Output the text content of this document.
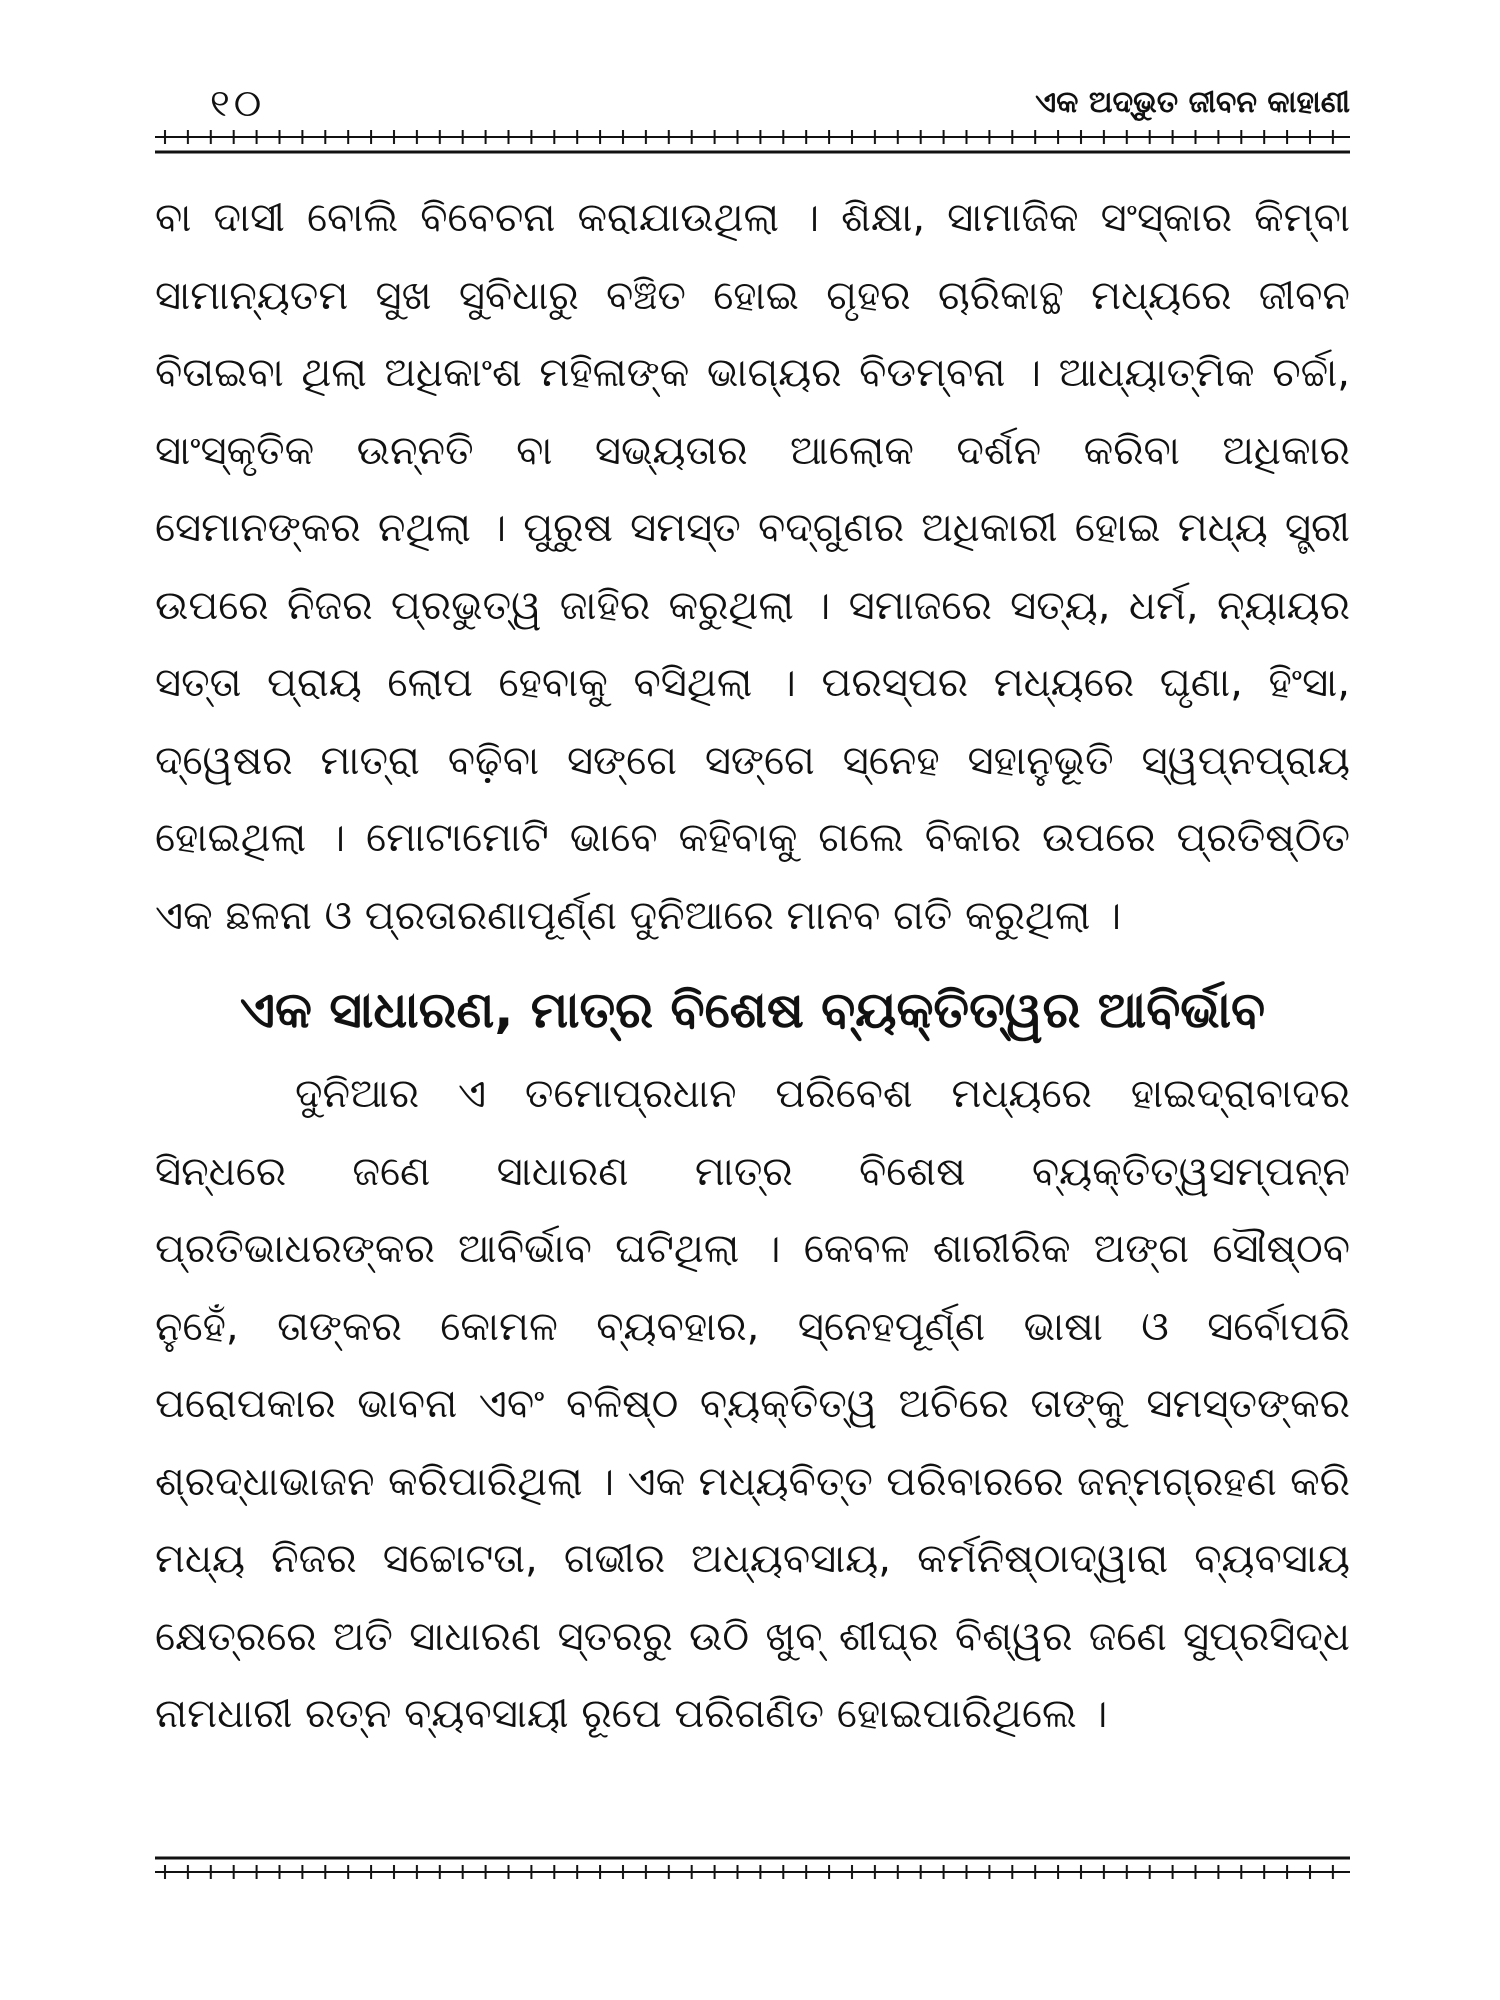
୧୦	ଏକ ଅଦ୍ଭୁତ ଜୀବନ କାହାଣୀ

ବା ଦାସୀ ବୋଲି ବିବେଚନା କରାଯାଉଥିଲା । ଶିକ୍ଷା, ସାମାଜିକ ସଂସ୍କାର କିମ୍ବା ସାମାନ୍ୟତମ ସୁଖ ସୁବିଧାରୁ ବଞ୍ଚିତ ହୋଇ ଗୃହର ଚାରିକାନ୍ଥ ମଧ୍ୟରେ ଜୀବନ ବିତାଇବା ଥିଲା ଅଧିକାଂଶ ମହିଳାଙ୍କ ଭାଗ୍ୟର ବିଡମ୍ବନା । ଆଧ୍ୟାତ୍ମିକ ଚର୍ଚ୍ଚା, ସାଂସ୍କୃତିକ ଉନ୍ନତି ବା ସଭ୍ୟତାର ଆଲୋକ ଦର୍ଶନ କରିବା ଅଧିକାର ସେମାନଙ୍କର ନଥିଲା । ପୁରୁଷ ସମସ୍ତ ବଦ୍‌ଗୁଣର ଅଧିକାରୀ ହୋଇ ମଧ୍ୟ ସ୍ତ୍ରୀ ଉପରେ ନିଜର ପ୍ରଭୁତ୍ୱ ଜାହିର କରୁଥିଲା । ସମାଜରେ ସତ୍ୟ, ଧର୍ମ, ନ୍ୟାୟର ସତ୍ତା ପ୍ରାୟ ଲୋପ ହେବାକୁ ବସିଥିଲା । ପରସ୍ପର ମଧ୍ୟରେ ଘୃଣା, ହିଂସା, ଦ୍ୱେଷର ମାତ୍ରା ବଢ଼ିବା ସଙ୍ଗେ ସଙ୍ଗେ ସ୍ନେହ ସହାନୁଭୂତି ସ୍ୱପ୍ନପ୍ରାୟ ହୋଇଥିଲା । ମୋଟାମୋଟି ଭାବେ କହିବାକୁ ଗଲେ ବିକାର ଉପରେ ପ୍ରତିଷ୍ଠିତ ଏକ ଛଳନା ଓ ପ୍ରତାରଣାପୂର୍ଣ୍ଣ ଦୁନିଆରେ ମାନବ ଗତି କରୁଥିଲା ।

ଏକ ସାଧାରଣ, ମାତ୍ର ବିଶେଷ ବ୍ୟକ୍ତିତ୍ୱର ଆବିର୍ଭାବ

ଦୁନିଆର ଏ ତମୋପ୍ରଧାନ ପରିବେଶ ମଧ୍ୟରେ ହାଇଦ୍ରାବାଦର ସିନ୍ଧରେ ଜଣେ ସାଧାରଣ ମାତ୍ର ବିଶେଷ ବ୍ୟକ୍ତିତ୍ୱସମ୍ପନ୍ନ ପ୍ରତିଭାଧରଙ୍କର ଆବିର୍ଭାବ ଘଟିଥିଲା । କେବଳ ଶାରୀରିକ ଅଙ୍ଗ ସୌଷ୍ଠବ ନୁହେଁ, ତାଙ୍କର କୋମଳ ବ୍ୟବହାର, ସ୍ନେହପୂର୍ଣ୍ଣ ଭାଷା ଓ ସର୍ବୋପରି ପରୋପକାର ଭାବନା ଏବଂ ବଳିଷ୍ଠ ବ୍ୟକ୍ତିତ୍ୱ ଅଚିରେ ତାଙ୍କୁ ସମସ୍ତଙ୍କର ଶ୍ରଦ୍ଧାଭାଜନ କରିପାରିଥିଲା । ଏକ ମଧ୍ୟବିତ୍ତ ପରିବାରରେ ଜନ୍ମଗ୍ରହଣ କରି ମଧ୍ୟ ନିଜର ସଚ୍ଚୋଟତା, ଗଭୀର ଅଧ୍ୟବସାୟ, କର୍ମନିଷ୍ଠାଦ୍ୱାରା ବ୍ୟବସାୟ କ୍ଷେତ୍ରରେ ଅତି ସାଧାରଣ ସ୍ତରରୁ ଉଠି ଖୁବ୍ ଶୀଘ୍ର ବିଶ୍ୱର ଜଣେ ସୁପ୍ରସିଦ୍ଧ ନାମଧାରୀ ରତ୍ନ ବ୍ୟବସାୟୀ ରୂପେ ପରିଗଣିତ ହୋଇପାରିଥିଲେ ।
